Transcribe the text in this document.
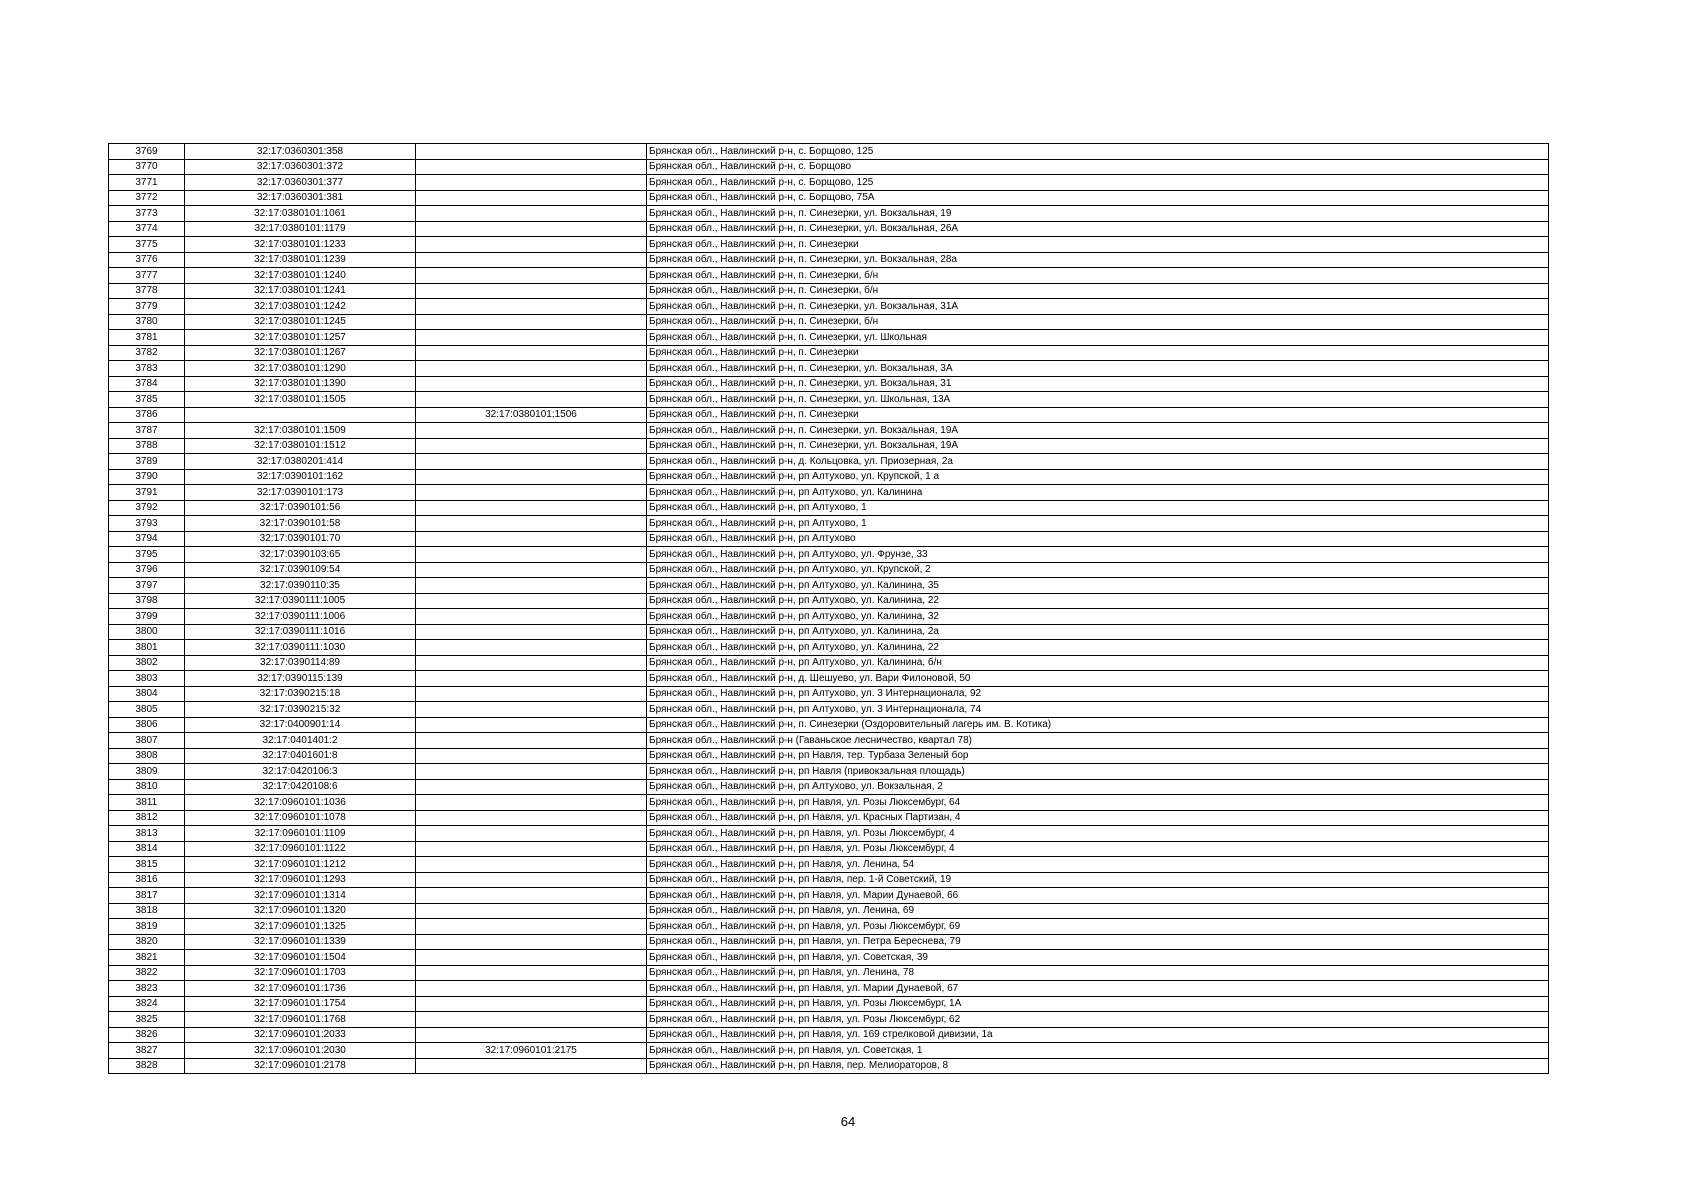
3769	32:17:0360301:358		Брянская обл., Навлинский р-н, с. Борщово, 125
3770	32:17:0360301:372		Брянская обл., Навлинский р-н, с. Борщово
3771	32:17:0360301:377		Брянская обл., Навлинский р-н, с. Борщово, 125
3772	32:17:0360301:381		Брянская обл., Навлинский р-н, с. Борщово, 75А
3773	32:17:0380101:1061		Брянская обл., Навлинский р-н, п. Синезерки, ул. Вокзальная, 19
3774	32:17:0380101:1179		Брянская обл., Навлинский р-н, п. Синезерки, ул. Вокзальная, 26А
3775	32:17:0380101:1233		Брянская обл., Навлинский р-н, п. Синезерки
3776	32:17:0380101:1239		Брянская обл., Навлинский р-н, п. Синезерки, ул. Вокзальная, 28а
3777	32:17:0380101:1240		Брянская обл., Навлинский р-н, п. Синезерки, б/н
3778	32:17:0380101:1241		Брянская обл., Навлинский р-н, п. Синезерки, б/н
3779	32:17:0380101:1242		Брянская обл., Навлинский р-н, п. Синезерки, ул. Вокзальная, 31А
3780	32:17:0380101:1245		Брянская обл., Навлинский р-н, п. Синезерки, б/н
3781	32:17:0380101:1257		Брянская обл., Навлинский р-н, п. Синезерки, ул. Школьная
3782	32:17:0380101:1267		Брянская обл., Навлинский р-н, п. Синезерки
3783	32:17:0380101:1290		Брянская обл., Навлинский р-н, п. Синезерки, ул. Вокзальная, 3А
3784	32:17:0380101:1390		Брянская обл., Навлинский р-н, п. Синезерки, ул. Вокзальная, 31
3785	32:17:0380101:1505		Брянская обл., Навлинский р-н, п. Синезерки, ул. Школьная, 13А
3786		32:17:0380101:1506	Брянская обл., Навлинский р-н, п. Синезерки
3787	32:17:0380101:1509		Брянская обл., Навлинский р-н, п. Синезерки, ул. Вокзальная, 19А
3788	32:17:0380101:1512		Брянская обл., Навлинский р-н, п. Синезерки, ул. Вокзальная, 19А
3789	32:17:0380201:414		Брянская обл., Навлинский р-н, д. Кольцовка, ул. Приозерная, 2а
3790	32:17:0390101:162		Брянская обл., Навлинский р-н, рп Алтухово, ул. Крупской, 1 а
3791	32:17:0390101:173		Брянская обл., Навлинский р-н, рп Алтухово, ул. Калинина
3792	32:17:0390101:56		Брянская обл., Навлинский р-н, рп Алтухово, 1
3793	32:17:0390101:58		Брянская обл., Навлинский р-н, рп Алтухово, 1
3794	32:17:0390101:70		Брянская обл., Навлинский р-н, рп Алтухово
3795	32:17:0390103:65		Брянская обл., Навлинский р-н, рп Алтухово, ул. Фрунзе, 33
3796	32:17:0390109:54		Брянская обл., Навлинский р-н, рп Алтухово, ул. Крупской, 2
3797	32:17:0390110:35		Брянская обл., Навлинский р-н, рп Алтухово, ул. Калинина, 35
3798	32:17:0390111:1005		Брянская обл., Навлинский р-н, рп Алтухово, ул. Калинина, 22
3799	32:17:0390111:1006		Брянская обл., Навлинский р-н, рп Алтухово, ул. Калинина, 32
3800	32:17:0390111:1016		Брянская обл., Навлинский р-н, рп Алтухово, ул. Калинина, 2а
3801	32:17:0390111:1030		Брянская обл., Навлинский р-н, рп Алтухово, ул. Калинина, 22
3802	32:17:0390114:89		Брянская обл., Навлинский р-н, рп Алтухово, ул. Калинина, б/н
3803	32:17:0390115:139		Брянская обл., Навлинский р-н, д. Шешуево, ул. Вари Филоновой, 50
3804	32:17:0390215:18		Брянская обл., Навлинский р-н, рп Алтухово, ул. 3 Интернационала, 92
3805	32:17:0390215:32		Брянская обл., Навлинский р-н, рп Алтухово, ул. 3 Интернационала, 74
3806	32:17:0400901:14		Брянская обл., Навлинский р-н, п. Синезерки (Оздоровительный лагерь им. В. Котика)
3807	32:17:0401401:2		Брянская обл., Навлинский р-н (Гаваньское лесничество, квартал 78)
3808	32:17:0401601:8		Брянская обл., Навлинский р-н, рп Навля, тер. Турбаза Зеленый бор
3809	32:17:0420106:3		Брянская обл., Навлинский р-н, рп Навля (привокзальная площадь)
3810	32:17:0420108:6		Брянская обл., Навлинский р-н, рп Алтухово, ул. Вокзальная, 2
3811	32:17:0960101:1036		Брянская обл., Навлинский р-н, рп Навля, ул. Розы Люксембург, 64
3812	32:17:0960101:1078		Брянская обл., Навлинский р-н, рп Навля, ул. Красных Партизан, 4
3813	32:17:0960101:1109		Брянская обл., Навлинский р-н, рп Навля, ул. Розы Люксембург, 4
3814	32:17:0960101:1122		Брянская обл., Навлинский р-н, рп Навля, ул. Розы Люксембург, 4
3815	32:17:0960101:1212		Брянская обл., Навлинский р-н, рп Навля, ул. Ленина, 54
3816	32:17:0960101:1293		Брянская обл., Навлинский р-н, рп Навля, пер. 1-й Советский, 19
3817	32:17:0960101:1314		Брянская обл., Навлинский р-н, рп Навля, ул. Марии Дунаевой, 66
3818	32:17:0960101:1320		Брянская обл., Навлинский р-н, рп Навля, ул. Ленина, 69
3819	32:17:0960101:1325		Брянская обл., Навлинский р-н, рп Навля, ул. Розы Люксембург, 69
3820	32:17:0960101:1339		Брянская обл., Навлинский р-н, рп Навля, ул. Петра Береснева, 79
3821	32:17:0960101:1504		Брянская обл., Навлинский р-н, рп Навля, ул. Советская, 39
3822	32:17:0960101:1703		Брянская обл., Навлинский р-н, рп Навля, ул. Ленина, 78
3823	32:17:0960101:1736		Брянская обл., Навлинский р-н, рп Навля, ул. Марии Дунаевой, 67
3824	32:17:0960101:1754		Брянская обл., Навлинский р-н, рп Навля, ул. Розы Люксембург, 1А
3825	32:17:0960101:1768		Брянская обл., Навлинский р-н, рп Навля, ул. Розы Люксембург, 62
3826	32:17:0960101:2033		Брянская обл., Навлинский р-н, рп Навля, ул. 169 стрелковой дивизии, 1а
3827	32:17:0960101:2030	32:17:0960101:2175	Брянская обл., Навлинский р-н, рп Навля, ул. Советская, 1
3828	32:17:0960101:2178		Брянская обл., Навлинский р-н, рп Навля, пер. Мелиораторов, 8
64
